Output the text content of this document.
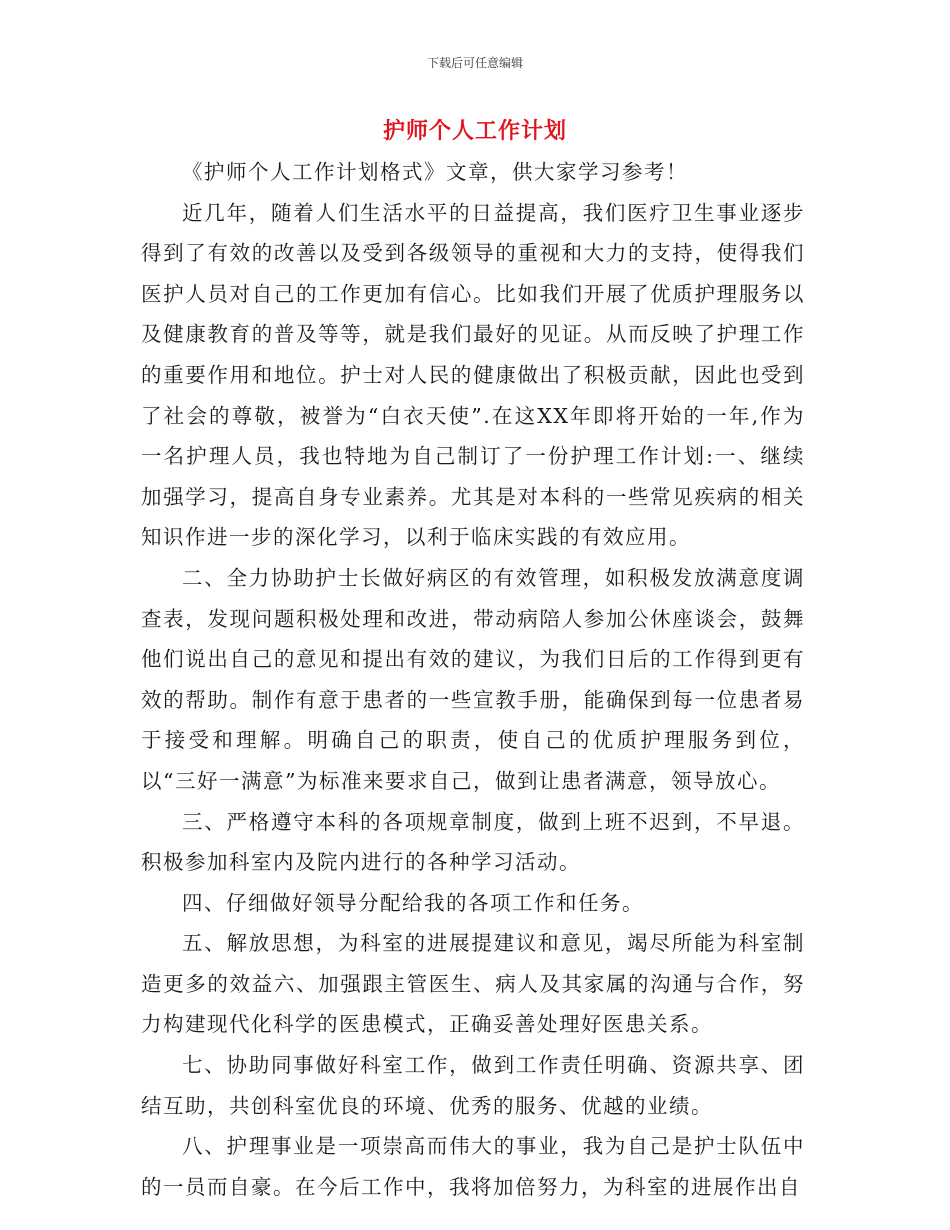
下载后可任意编辑
护师个人工作计划

《护师个人工作计划格式》文章，供大家学习参考！

近几年，随着人们生活水平的日益提高，我们医疗卫生事业逐步得到了有效的改善以及受到各级领导的重视和大力的支持，使得我们医护人员对自己的工作更加有信心。比如我们开展了优质护理服务以及健康教育的普及等等，就是我们最好的见证。从而反映了护理工作的重要作用和地位。护士对人民的健康做出了积极贡献，因此也受到了社会的尊敬，被誉为“白衣天使”.在这XX年即将开始的一年,作为一名护理人员，我也特地为自己制订了一份护理工作计划:一、继续加强学习，提高自身专业素养。尤其是对本科的一些常见疾病的相关知识作进一步的深化学习，以利于临床实践的有效应用。

二、全力协助护士长做好病区的有效管理，如积极发放满意度调查表，发现问题积极处理和改进，带动病陪人参加公休座谈会，鼓舞他们说出自己的意见和提出有效的建议，为我们日后的工作得到更有效的帮助。制作有意于患者的一些宣教手册，能确保到每一位患者易于接受和理解。明确自己的职责，使自己的优质护理服务到位，以“三好一满意”为标准来要求自己，做到让患者满意，领导放心。

三、严格遵守本科的各项规章制度，做到上班不迟到，不早退。积极参加科室内及院内进行的各种学习活动。

四、仔细做好领导分配给我的各项工作和任务。

五、解放思想，为科室的进展提建议和意见，竭尽所能为科室制造更多的效益六、加强跟主管医生、病人及其家属的沟通与合作，努力构建现代化科学的医患模式，正确妥善处理好医患关系。

七、协助同事做好科室工作，做到工作责任明确、资源共享、团结互助，共创科室优良的环境、优秀的服务、优越的业绩。

八、护理事业是一项崇高而伟大的事业，我为自己是护士队伍中的一员而自豪。在今后工作中，我将加倍努力，为科室的进展作出自
